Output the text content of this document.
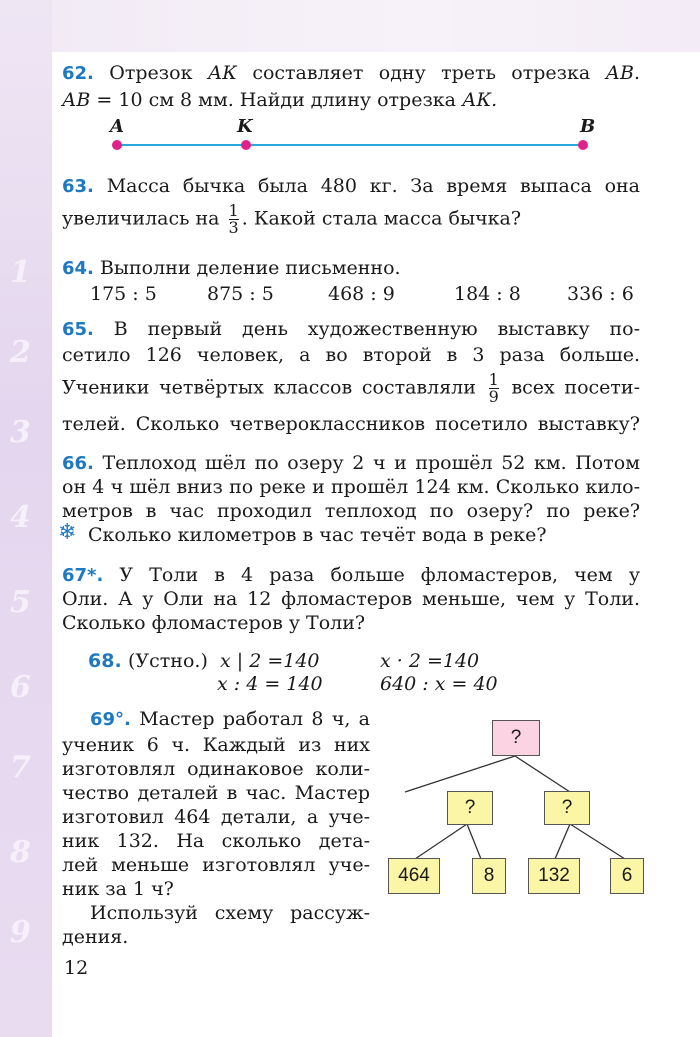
1
2
3
4
5
6
7
8
9
62. Отрезок АК составляет одну треть отрезка АВ.
АВ = 10 см 8 мм. Найди длину отрезка АК.
A	K	B
63. Масса бычка была 480 кг. За время выпаса она
увеличилась на $\frac{1}{3}$ . Какой стала масса бычка?
64. Выполни деление письменно.
175 : 5	875 : 5	468 : 9	184 : 8 336 : 6
65. В первый день художественную выставку по-
сетило 126 человек, а во второй в 3 раза больше.
Ученики четвёртых классов составляли $\frac{1}{9}$ всех посети-
телей. Сколько четвероклассников посетило выставку?
66. Теплоход шёл по озеру 2 ч и прошёл 52 км. Потом
он 4 ч шёл вниз по реке и прошёл 124 км. Сколько кило-
метров в час проходил теплоход по озеру? по реке?
❄ Сколько километров в час течёт вода в реке?
67*. У Толи в 4 раза больше фломастеров, чем у
Оли. А у Оли на 12 фломастеров меньше, чем у Толи.
Сколько фломастеров у Толи?
68. (Устно.) x | 2 =140	x · 2 =140
x : 4 = 140	640 : x = 40
69°. Мастер работал 8 ч, а
ученик 6 ч. Каждый из них
изготовлял одинаковое коли-
чество деталей в час. Мастер
изготовил 464 детали, а уче-
ник 132. На сколько дета-
лей меньше изготовлял уче-
ник за 1 ч?
Используй схему рассуж-
дения.
?
?	?
464	8	132	6
12
